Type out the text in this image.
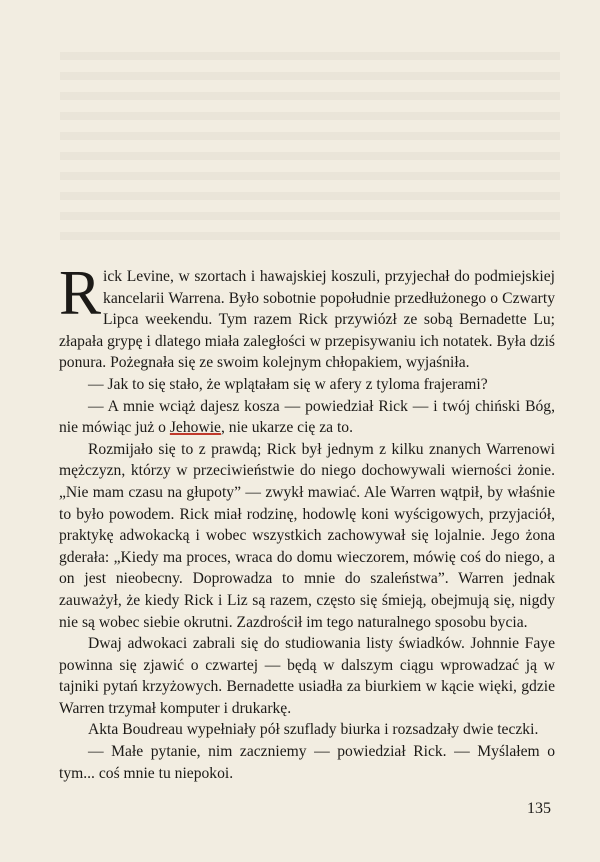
Rick Levine, w szortach i hawajskiej koszuli, przyjechał do podmiejskiej kancelarii Warrena. Było sobotnie popołudnie przedłużonego o Czwarty Lipca weekendu. Tym razem Rick przywiózł ze sobą Bernadette Lu; złapała grypę i dlatego miała zaległości w przepisywaniu ich notatek. Była dziś ponura. Pożegnała się ze swoim kolejnym chłopakiem, wyjaśniła.

— Jak to się stało, że wplątałam się w afery z tyloma frajerami?

— A mnie wciąż dajesz kosza — powiedział Rick — i twój chiński Bóg, nie mówiąc już o Jehowie, nie ukarze cię za to.

Rozmijało się to z prawdą; Rick był jednym z kilku znanych Warrenowi mężczyzn, którzy w przeciwieństwie do niego dochowywali wierności żonie. „Nie mam czasu na głupoty” — zwykł mawiać. Ale Warren wątpił, by właśnie to było powodem. Rick miał rodzinę, hodowlę koni wyścigowych, przyjaciół, praktykę adwokacką i wobec wszystkich zachowywał się lojalnie. Jego żona gderała: „Kiedy ma proces, wraca do domu wieczorem, mówię coś do niego, a on jest nieobecny. Doprowadza to mnie do szaleństwa”. Warren jednak zauważył, że kiedy Rick i Liz są razem, często się śmieją, obejmują się, nigdy nie są wobec siebie okrutni. Zazdrościł im tego naturalnego sposobu bycia.

Dwaj adwokaci zabrali się do studiowania listy świadków. Johnnie Faye powinna się zjawić o czwartej — będą w dalszym ciągu wprowadzać ją w tajniki pytań krzyżowych. Bernadette usiadła za biurkiem w kącie więki, gdzie Warren trzymał komputer i drukarkę.

Akta Boudreau wypełniały pół szuflady biurka i rozsadzały dwie teczki.

— Małe pytanie, nim zaczniemy — powiedział Rick. — Myślałem o tym... coś mnie tu niepokoi.

135
